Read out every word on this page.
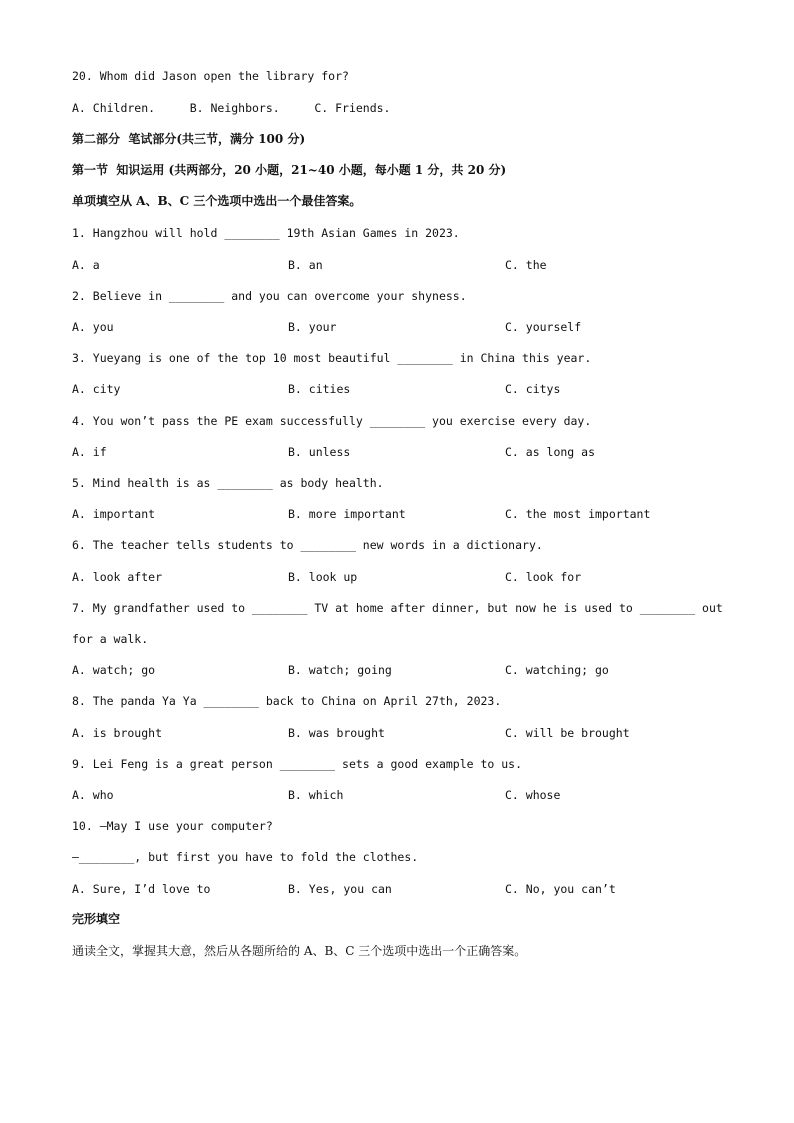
20. Whom did Jason open the library for?
A. Children.     B. Neighbors.     C. Friends.
第二部分  笔试部分(共三节，满分 100 分)
第一节  知识运用 (共两部分，20 小题，21~40 小题，每小题 1 分，共 20 分)
单项填空从 A、B、C 三个选项中选出一个最佳答案。
1. Hangzhou will hold ________ 19th Asian Games in 2023.
A. a	B. an	C. the
2. Believe in ________ and you can overcome your shyness.
A. you	B. your	C. yourself
3. Yueyang is one of the top 10 most beautiful ________ in China this year.
A. city	B. cities	C. citys
4. You won’t pass the PE exam successfully ________ you exercise every day.
A. if	B. unless	C. as long as
5. Mind health is as ________ as body health.
A. important	B. more important	C. the most important
6. The teacher tells students to ________ new words in a dictionary.
A. look after	B. look up	C. look for
7. My grandfather used to ________ TV at home after dinner, but now he is used to ________ out
for a walk.
A. watch; go	B. watch; going	C. watching; go
8. The panda Ya Ya ________ back to China on April 27th, 2023.
A. is brought	B. was brought	C. will be brought
9. Lei Feng is a great person ________ sets a good example to us.
A. who	B. which	C. whose
10. —May I use your computer?
—________, but first you have to fold the clothes.
A. Sure, I’d love to	B. Yes, you can	C. No, you can’t
完形填空
通读全文，掌握其大意，然后从各题所给的 A、B、C 三个选项中选出一个正确答案。
